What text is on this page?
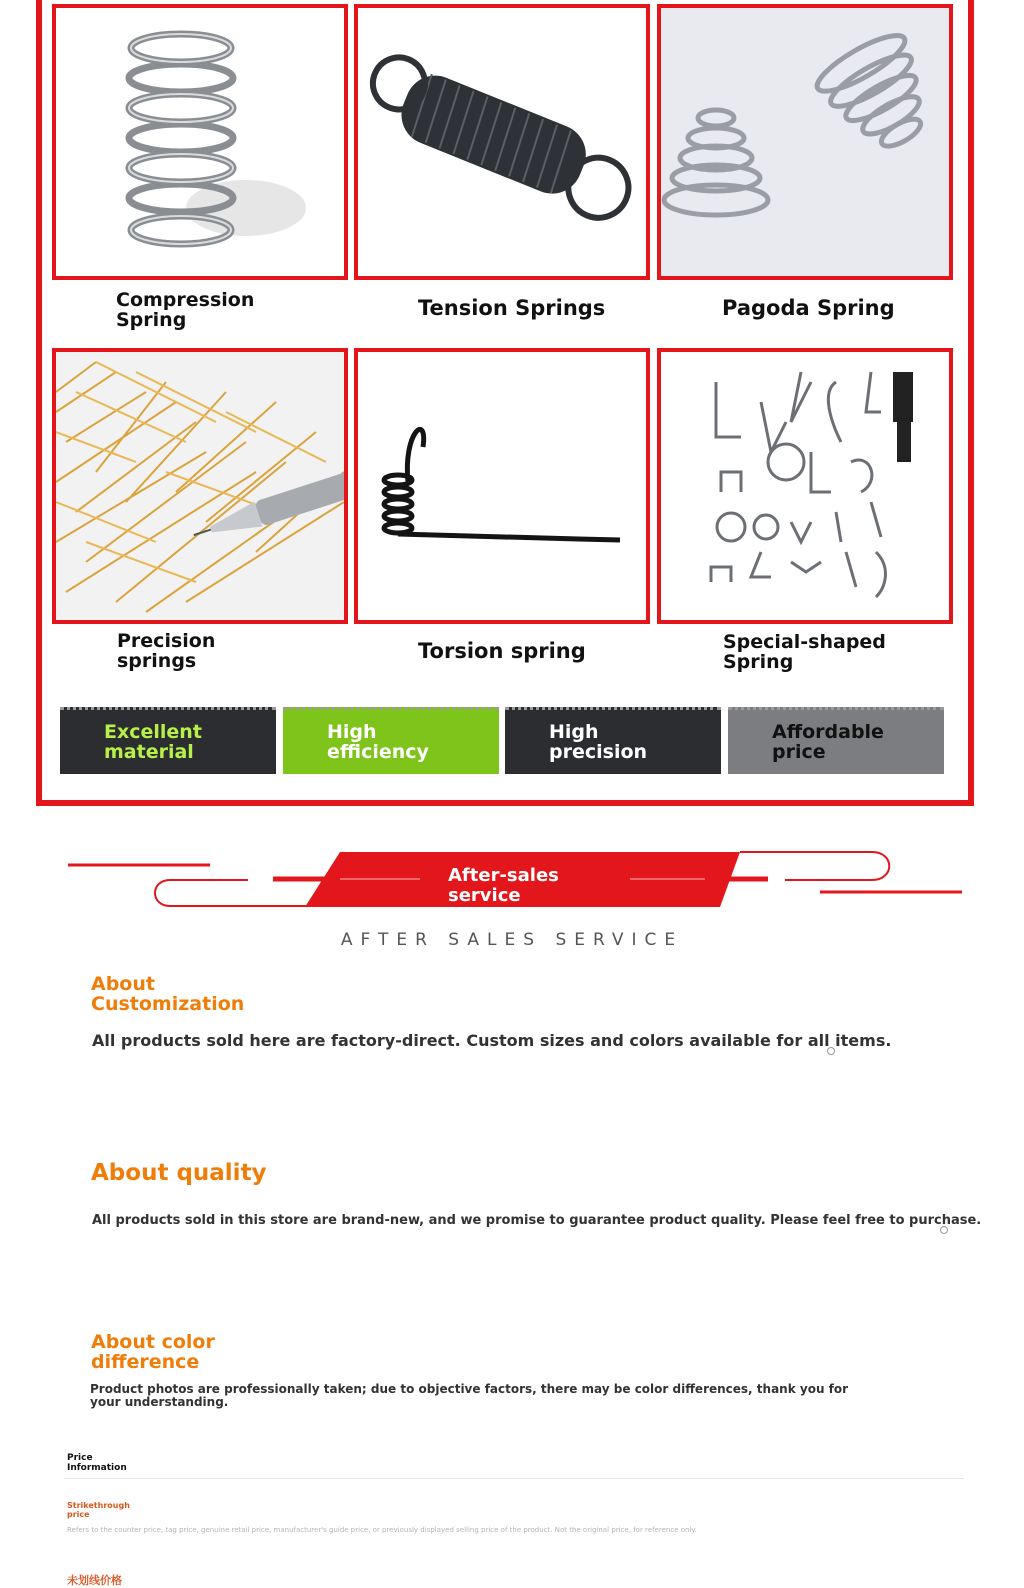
Compression
Spring	Tension Springs	Pagoda Spring
Precision
springs	Torsion spring	Special-shaped
Spring
Excellent
material
High
efficiency
High
precision
Affordable
price
After-sales
service
AFTER SALES SERVICE
About
Customization
All products sold here are factory-direct. Custom sizes and colors available for all items.
About quality
All products sold in this store are brand-new, and we promise to guarantee product quality. Please feel free to purchase.
About color
difference
Product photos are professionally taken; due to objective factors, there may be color differences, thank you for
your understanding.
Price
Information
Strikethrough
price
Refers to the counter price, tag price, genuine retail price, manufacturer's guide price, or previously displayed selling price of the product. Not the original price, for reference only.
未划线价格
